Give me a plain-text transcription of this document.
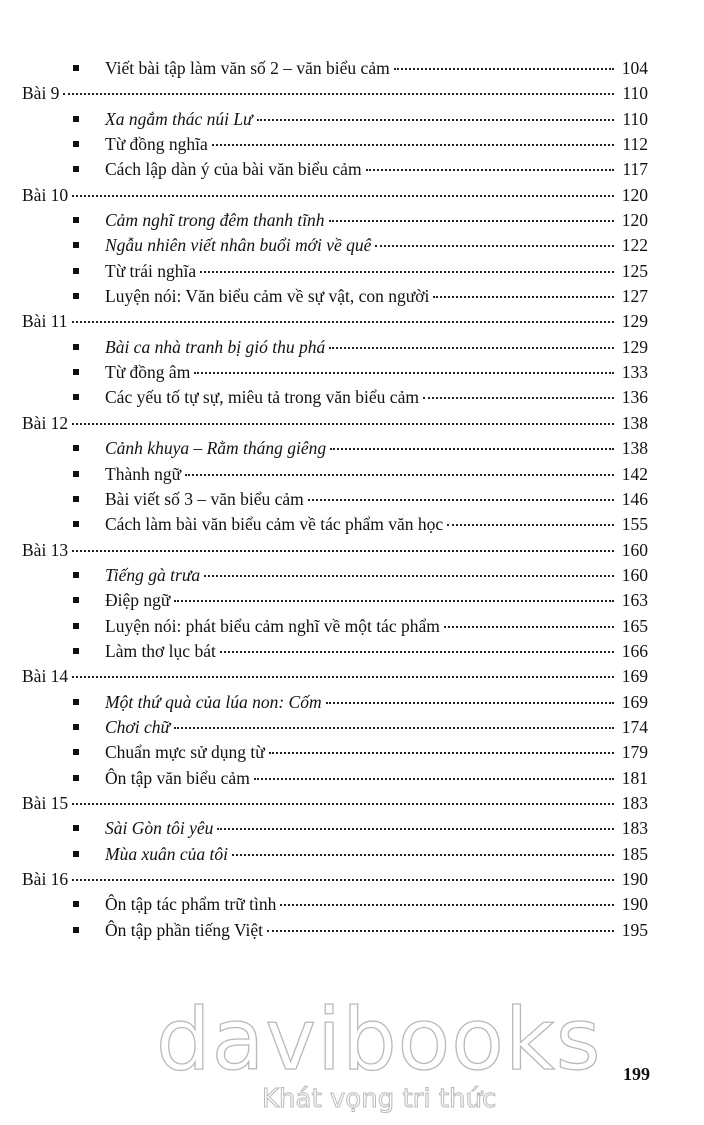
Viết bài tập làm văn số 2 – văn biểu cảm	104
Bài 9	110
Xa ngắm thác núi Lư	110
Từ đồng nghĩa	112
Cách lập dàn ý của bài văn biểu cảm	117
Bài 10	120
Cảm nghĩ trong đêm thanh tĩnh	120
Ngẫu nhiên viết nhân buổi mới về quê	122
Từ trái nghĩa	125
Luyện nói: Văn biểu cảm về sự vật, con người	127
Bài 11	129
Bài ca nhà tranh bị gió thu phá	129
Từ đồng âm	133
Các yếu tố tự sự, miêu tả trong văn biểu cảm	136
Bài 12	138
Cảnh khuya – Rằm tháng giêng	138
Thành ngữ	142
Bài viết số 3 – văn biểu cảm	146
Cách làm bài văn biểu cảm về tác phẩm văn học	155
Bài 13	160
Tiếng gà trưa	160
Điệp ngữ	163
Luyện nói: phát biểu cảm nghĩ về một tác phẩm	165
Làm thơ lục bát	166
Bài 14	169
Một thứ quà của lúa non: Cốm	169
Chơi chữ	174
Chuẩn mực sử dụng từ	179
Ôn tập văn biểu cảm	181
Bài 15	183
Sài Gòn tôi yêu	183
Mùa xuân của tôi	185
Bài 16	190
Ôn tập tác phẩm trữ tình	190
Ôn tập phần tiếng Việt	195
199
davibooks
Khát vọng tri thức
